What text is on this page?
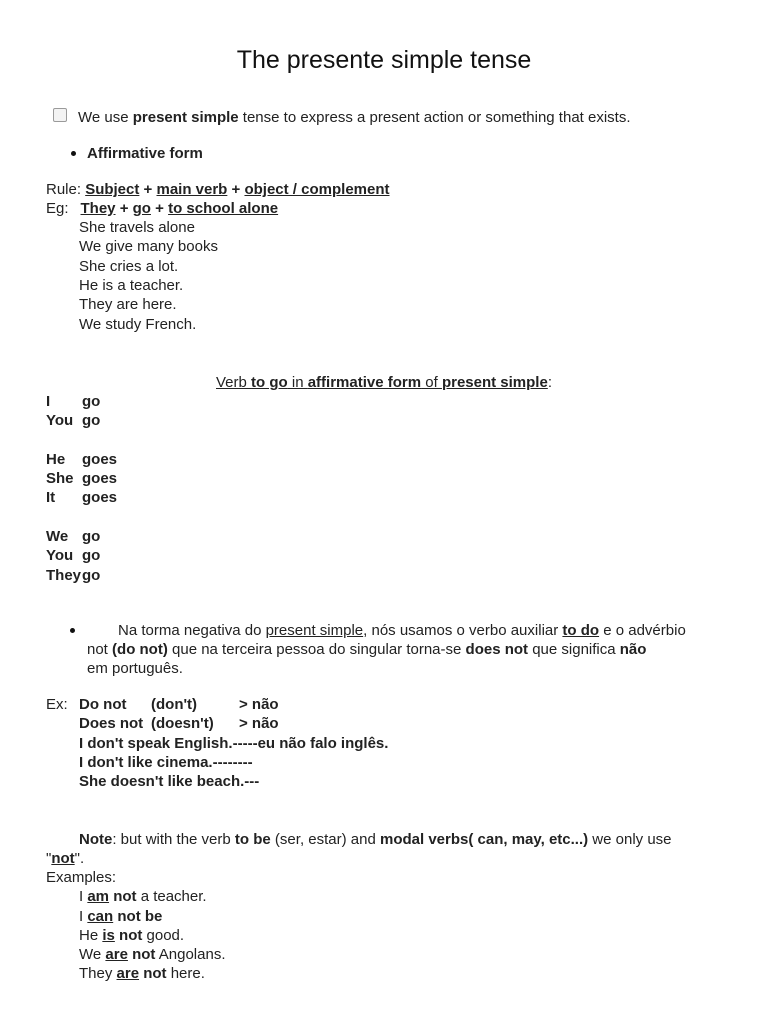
The presente simple tense
We use present simple tense to express a present action or something that exists.
Affirmative form
Rule: Subject + main verb + object / complement
Eg: They + go + to school alone
She travels alone
We give many books
She cries a lot.
He is a teacher.
They are here.
We study French.
Verb to go in affirmative form of present simple:
I go
You go
He goes
She goes
It goes
We go
You go
Theygo
Na torma negativa do present simple, nós usamos o verbo auxiliar to do e o advérbio
not (do not) que na terceira pessoa do singular torna-se does not que significa não
em português.
Ex: Do not (don't)	> não
Does not (doesn't) > não
I don't speak English.-----eu não falo inglês.
I don't like cinema.--------
She doesn't like beach.---
Note: but with the verb to be (ser, estar) and modal verbs( can, may, etc...) we only use
"not".
Examples:
I am not a teacher.
I can not be
He is not good.
We are not Angolans.
They are not here.
